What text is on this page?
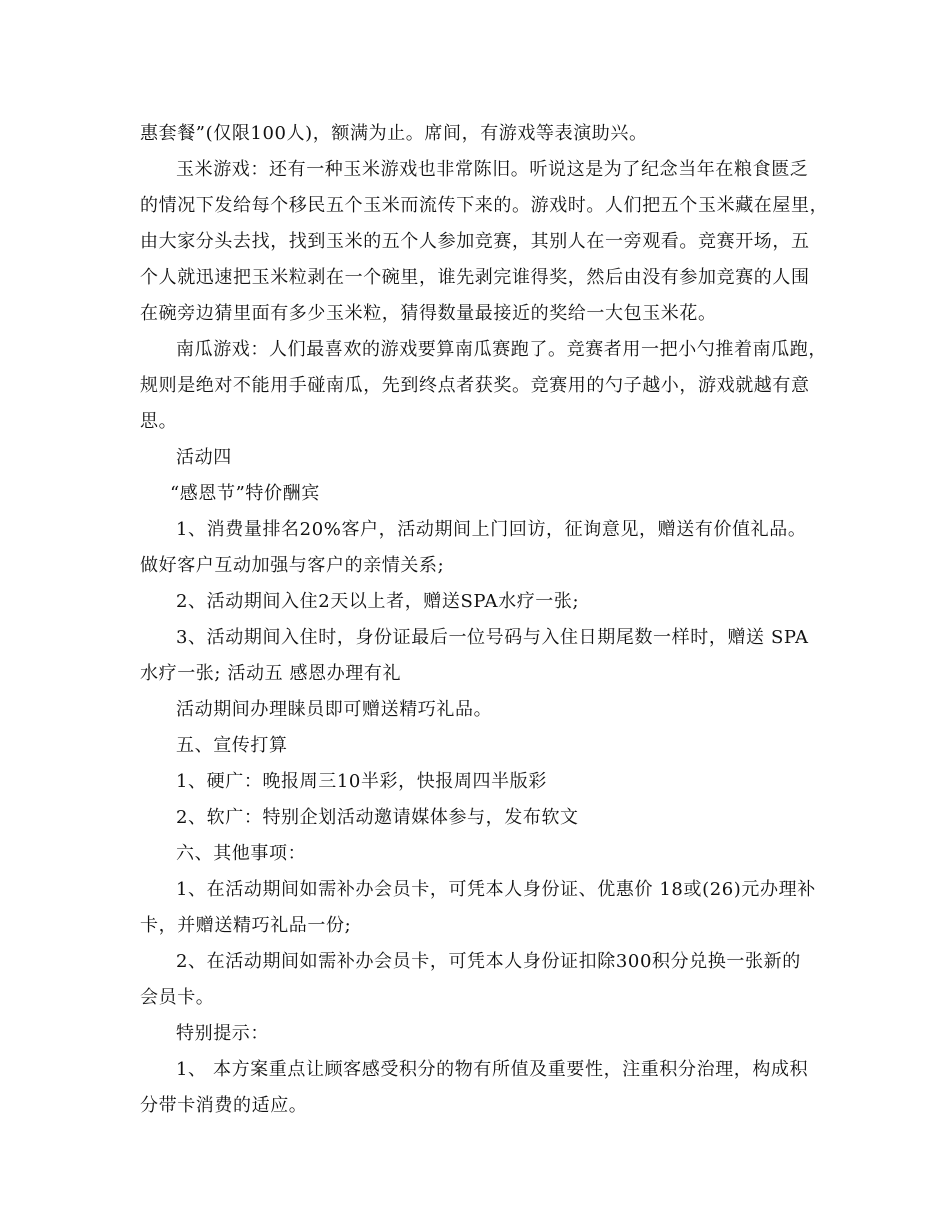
惠套餐”(仅限100人)，额满为止。席间，有游戏等表演助兴。
玉米游戏：还有一种玉米游戏也非常陈旧。听说这是为了纪念当年在粮食匮乏
的情况下发给每个移民五个玉米而流传下来的。游戏时。人们把五个玉米藏在屋里，
由大家分头去找，找到玉米的五个人参加竞赛，其别人在一旁观看。竞赛开场，五
个人就迅速把玉米粒剥在一个碗里，谁先剥完谁得奖，然后由没有参加竞赛的人围
在碗旁边猜里面有多少玉米粒，猜得数量最接近的奖给一大包玉米花。
南瓜游戏：人们最喜欢的游戏要算南瓜赛跑了。竞赛者用一把小勺推着南瓜跑，
规则是绝对不能用手碰南瓜，先到终点者获奖。竞赛用的勺子越小，游戏就越有意
思。
活动四
“感恩节”特价酬宾
1、消费量排名20%客户，活动期间上门回访，征询意见，赠送有价值礼品。
做好客户互动加强与客户的亲情关系;
2、活动期间入住2天以上者，赠送SPA水疗一张;
3、活动期间入住时，身份证最后一位号码与入住日期尾数一样时，赠送 SPA
水疗一张; 活动五 感恩办理有礼
活动期间办理睐员即可赠送精巧礼品。
五、宣传打算
1、硬广：晚报周三10半彩，快报周四半版彩
2、软广：特别企划活动邀请媒体参与，发布软文
六、其他事项：
1、在活动期间如需补办会员卡，可凭本人身份证、优惠价 18或(26)元办理补
卡，并赠送精巧礼品一份;
2、在活动期间如需补办会员卡，可凭本人身份证扣除300积分兑换一张新的
会员卡。
特别提示：
1、 本方案重点让顾客感受积分的物有所值及重要性，注重积分治理，构成积
分带卡消费的适应。
